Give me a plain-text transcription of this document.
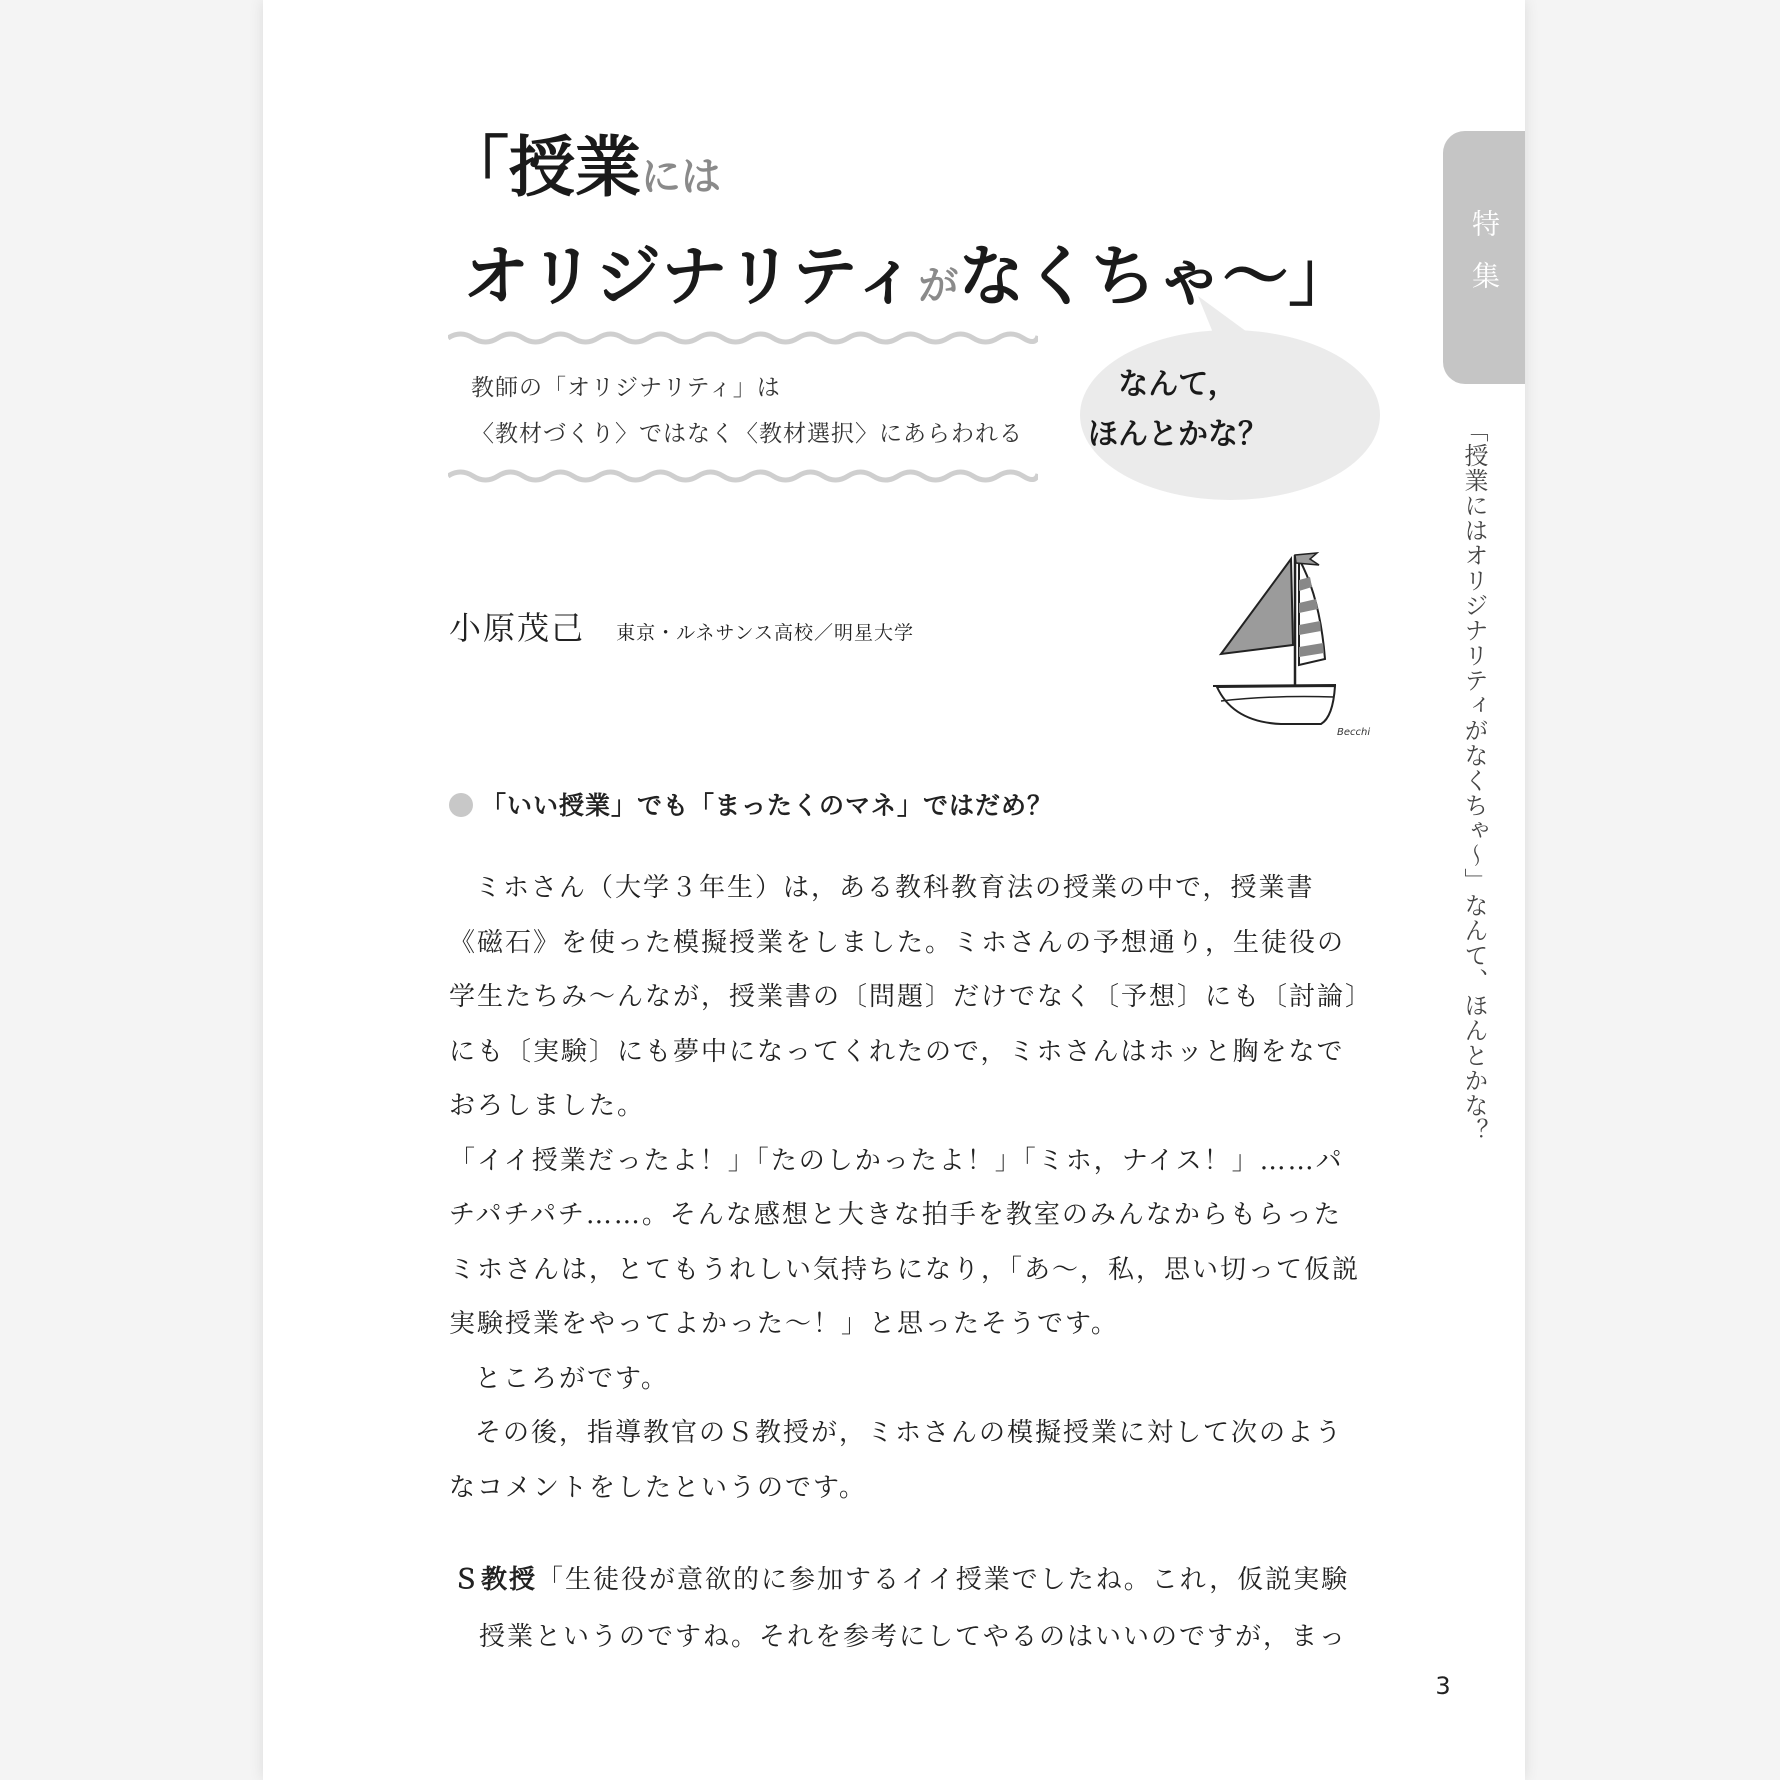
「授業には
オリジナリティがなくちゃ〜」
教師の「オリジナリティ」は
〈教材づくり〉ではなく〈教材選択〉にあらわれる
なんて，
ほんとかな？
小原茂己 東京・ルネサンス高校／明星大学
Becchi
「いい授業」でも「まったくのマネ」ではだめ？

ミホさん（大学３年生）は，ある教科教育法の授業の中で，授業書《磁石》を使った模擬授業をしました。ミホさんの予想通り，生徒役の学生たちみ〜んなが，授業書の〔問題〕だけでなく〔予想〕にも〔討論〕にも〔実験〕にも夢中になってくれたので，ミホさんはホッと胸をなでおろしました。

「イイ授業だったよ！」「たのしかったよ！」「ミホ，ナイス！」……パチパチパチ……。そんな感想と大きな拍手を教室のみんなからもらったミホさんは，とてもうれしい気持ちになり，「あ〜，私，思い切って仮説実験授業をやってよかった〜！」と思ったそうです。

ところがです。

その後，指導教官のＳ教授が，ミホさんの模擬授業に対して次のようなコメントをしたというのです。

Ｓ教授「生徒役が意欲的に参加するイイ授業でしたね。これ，仮説実験授業というのですね。それを参考にしてやるのはいいのですが，まっ
特集
「授業にはオリジナリティがなくちゃ〜」なんて、ほんとかな？
3
